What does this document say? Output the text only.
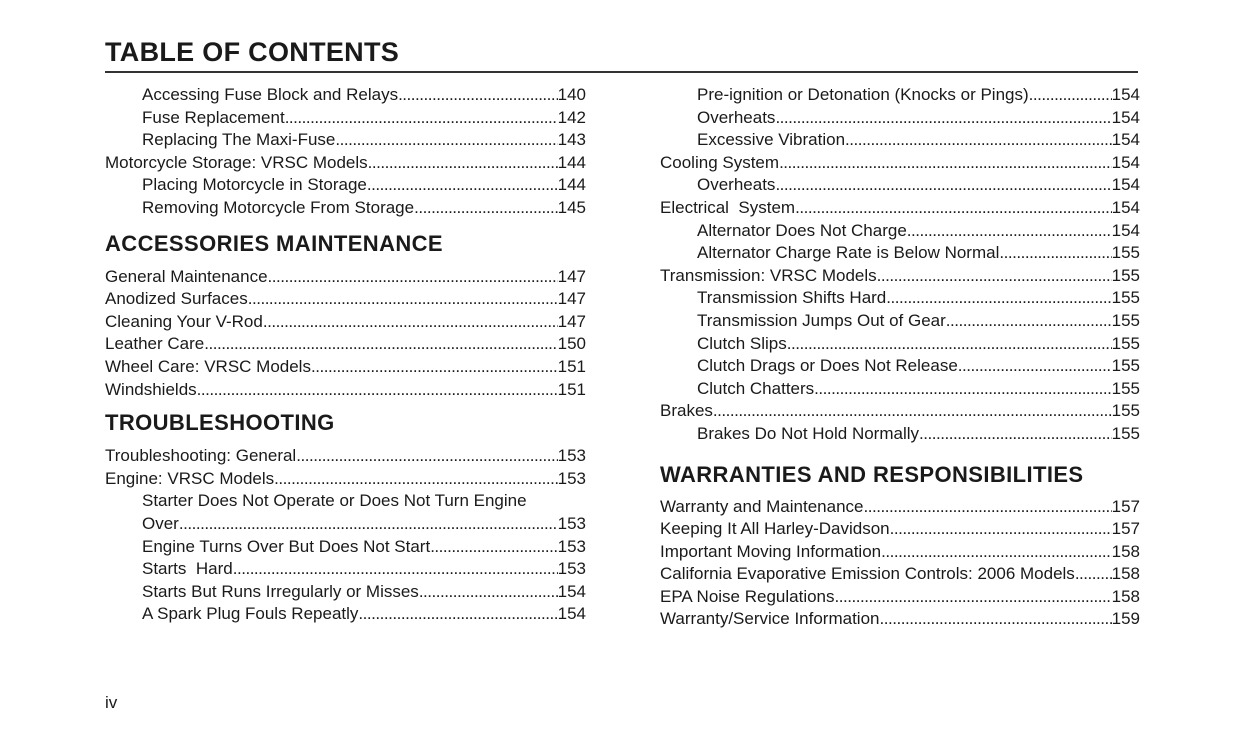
TABLE OF CONTENTS
Accessing Fuse Block and Relays . . .	140
Fuse Replacement . . .	142
Replacing The Maxi-Fuse . . .	143
Motorcycle Storage: VRSC Models . . .	144
Placing Motorcycle in Storage . . .	144
Removing Motorcycle From Storage . . .	145
ACCESSORIES MAINTENANCE
General Maintenance . . .	147
Anodized Surfaces . . .	147
Cleaning Your V-Rod . . .	147
Leather Care . . .	150
Wheel Care: VRSC Models . . .	151
Windshields . . .	151
TROUBLESHOOTING
Troubleshooting: General . . .	153
Engine: VRSC Models . . .	153
Starter Does Not Operate or Does Not Turn Engine
Over . . .	153
Engine Turns Over But Does Not Start . . .	153
Starts  Hard . . .	153
Starts But Runs Irregularly or Misses . . .	154
A Spark Plug Fouls Repeatly . . .	154
Pre-ignition or Detonation (Knocks or Pings) . . .	154
Overheats . . .	154
Excessive Vibration . . .	154
Cooling System . . .	154
Overheats . . .	154
Electrical  System . . .	154
Alternator Does Not Charge . . .	154
Alternator Charge Rate is Below Normal . . .	155
Transmission: VRSC Models . . .	155
Transmission Shifts Hard . . .	155
Transmission Jumps Out of Gear . . .	155
Clutch Slips . . .	155
Clutch Drags or Does Not Release . . .	155
Clutch Chatters . . .	155
Brakes . . .	155
Brakes Do Not Hold Normally . . .	155
WARRANTIES AND RESPONSIBILITIES
Warranty and Maintenance . . .	157
Keeping It All Harley-Davidson . . .	157
Important Moving Information . . .	158
California Evaporative Emission Controls: 2006 Models . . . 158
EPA Noise Regulations . . .	158
Warranty/Service Information . . .	159
iv
